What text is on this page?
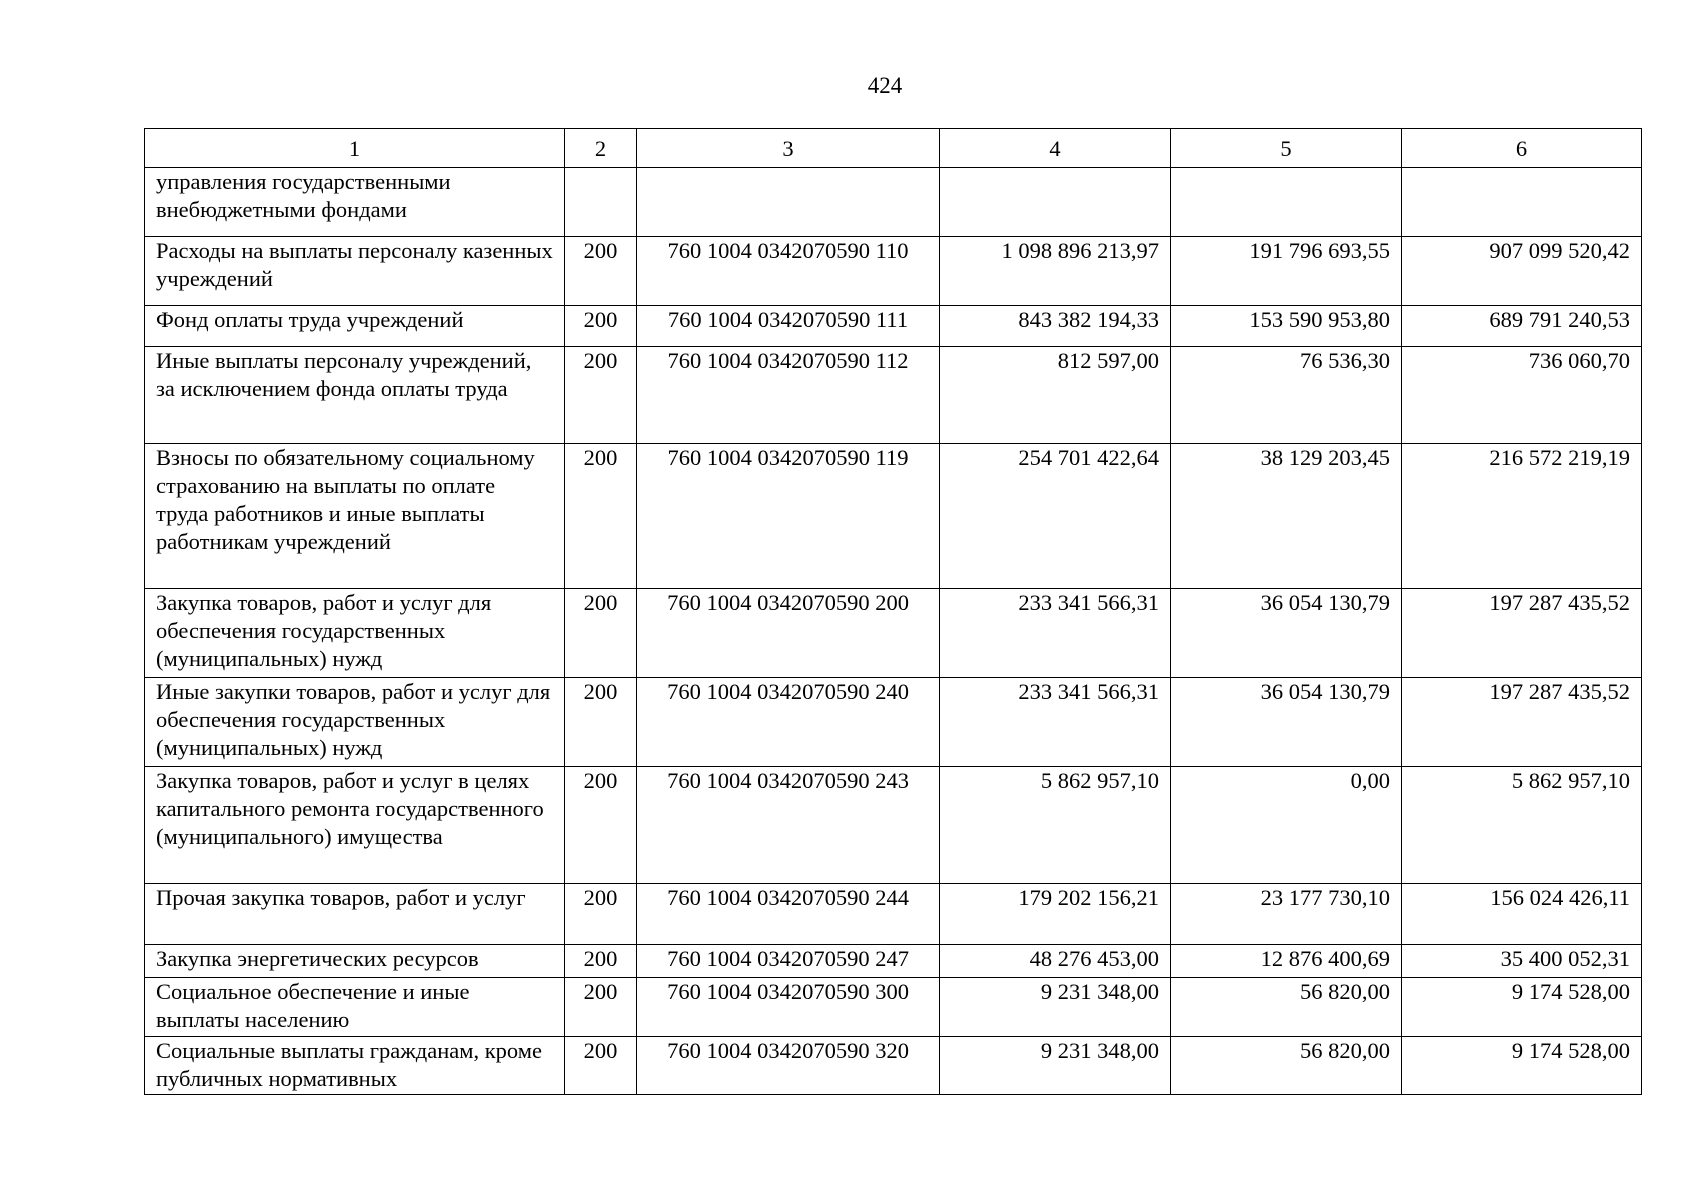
424
1	2	3	4	5	6
управления государственными внебюджетными фондами					
Расходы на выплаты персоналу казенных учреждений	200	760 1004 0342070590 110	1 098 896 213,97	191 796 693,55	907 099 520,42
Фонд оплаты труда учреждений	200	760 1004 0342070590 111	843 382 194,33	153 590 953,80	689 791 240,53
Иные выплаты персоналу учреждений, за исключением фонда оплаты труда	200	760 1004 0342070590 112	812 597,00	76 536,30	736 060,70
Взносы по обязательному социальному страхованию на выплаты по оплате труда работников и иные выплаты работникам учреждений	200	760 1004 0342070590 119	254 701 422,64	38 129 203,45	216 572 219,19
Закупка товаров, работ и услуг для обеспечения государственных (муниципальных) нужд	200	760 1004 0342070590 200	233 341 566,31	36 054 130,79	197 287 435,52
Иные закупки товаров, работ и услуг для обеспечения государственных (муниципальных) нужд	200	760 1004 0342070590 240	233 341 566,31	36 054 130,79	197 287 435,52
Закупка товаров, работ и услуг в целях капитального ремонта государственного (муниципального) имущества	200	760 1004 0342070590 243	5 862 957,10	0,00	5 862 957,10
Прочая закупка товаров, работ и услуг	200	760 1004 0342070590 244	179 202 156,21	23 177 730,10	156 024 426,11
Закупка энергетических ресурсов	200	760 1004 0342070590 247	48 276 453,00	12 876 400,69	35 400 052,31
Социальное обеспечение и иные выплаты населению	200	760 1004 0342070590 300	9 231 348,00	56 820,00	9 174 528,00
Социальные выплаты гражданам, кроме публичных нормативных	200	760 1004 0342070590 320	9 231 348,00	56 820,00	9 174 528,00
